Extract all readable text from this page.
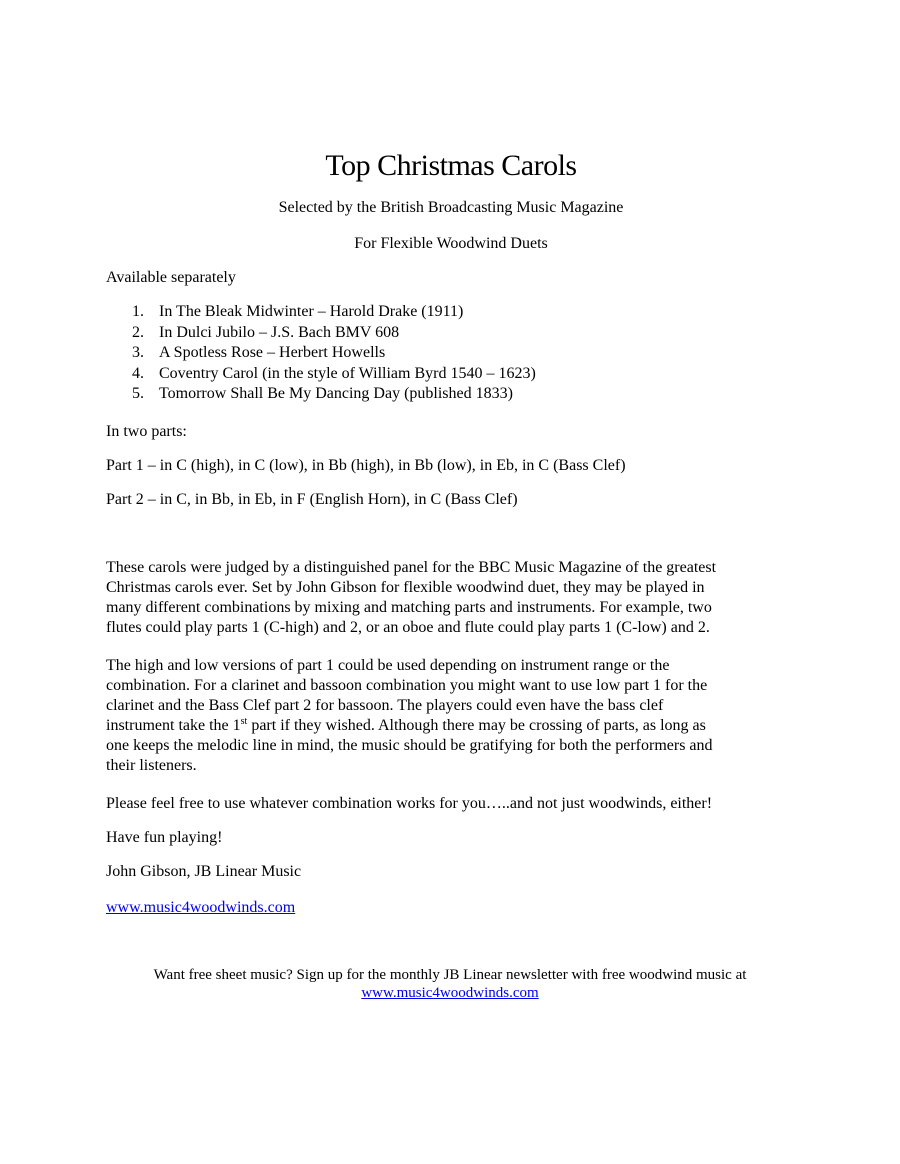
Top Christmas Carols
Selected by the British Broadcasting Music Magazine
For Flexible Woodwind Duets
Available separately
1. In The Bleak Midwinter – Harold Drake (1911)
2. In Dulci Jubilo – J.S. Bach BMV 608
3. A Spotless Rose – Herbert Howells
4. Coventry Carol (in the style of William Byrd 1540 – 1623)
5. Tomorrow Shall Be My Dancing Day (published 1833)
In two parts:
Part 1 – in C (high), in C (low), in Bb (high), in Bb (low), in Eb, in C (Bass Clef)
Part 2 – in C, in Bb, in Eb, in F (English Horn), in C (Bass Clef)
These carols were judged by a distinguished panel for the BBC Music Magazine of the greatest
Christmas carols ever. Set by John Gibson for flexible woodwind duet, they may be played in
many different combinations by mixing and matching parts and instruments. For example, two
flutes could play parts 1 (C-high) and 2, or an oboe and flute could play parts 1 (C-low) and 2.
The high and low versions of part 1 could be used depending on instrument range or the
combination. For a clarinet and bassoon combination you might want to use low part 1 for the
clarinet and the Bass Clef part 2 for bassoon. The players could even have the bass clef
instrument take the 1st part if they wished. Although there may be crossing of parts, as long as
one keeps the melodic line in mind, the music should be gratifying for both the performers and
their listeners.
Please feel free to use whatever combination works for you…..and not just woodwinds, either!
Have fun playing!
John Gibson, JB Linear Music
www.music4woodwinds.com
Want free sheet music? Sign up for the monthly JB Linear newsletter with free woodwind music at
www.music4woodwinds.com
